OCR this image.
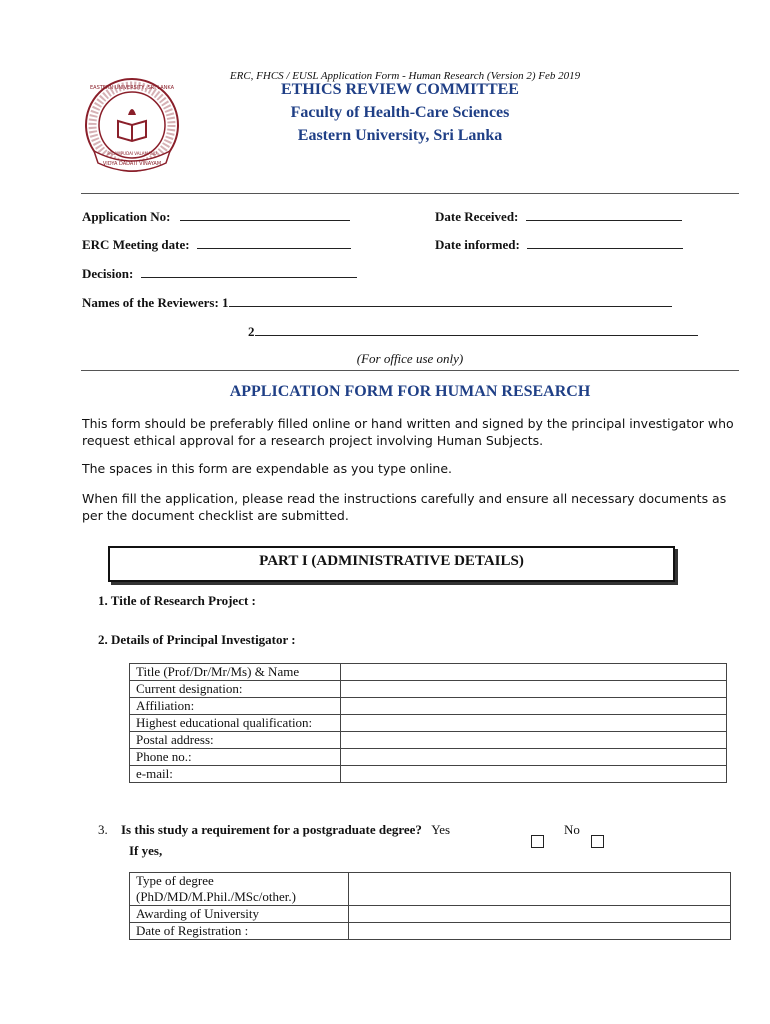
ERC, FHCS / EUSL Application Form - Human Research (Version 2) Feb 2019
VIDYA DADATI VINAYAM
EASTERN UNIVERSITY, SRI LANKA
PALAMPUDAI VALAMANU
ETHICS REVIEW COMMITTEE
Faculty of Health-Care Sciences
Eastern University, Sri Lanka
Application No:	Date Received:
ERC Meeting date:	Date informed:
Decision:
Names of the Reviewers: 1
2
(For office use only)
APPLICATION FORM FOR HUMAN RESEARCH
This form should be preferably filled online or hand written and signed by the principal investigator who request ethical approval for a research project involving Human Subjects.
The spaces in this form are expendable as you type online.
When fill the application, please read the instructions carefully and ensure all necessary documents as per the document checklist are submitted.
PART I (ADMINISTRATIVE DETAILS)
1. Title of Research Project :
2. Details of Principal Investigator :
Title (Prof/Dr/Mr/Ms) & Name	
Current designation:	
Affiliation:	
Highest educational qualification:	
Postal address:	
Phone no.:	
e-mail:	
3. Is this study a requirement for a postgraduate degree? Yes	No
If yes,
Type of degree (PhD/MD/M.Phil./MSc/other.)	
Awarding of University	
Date of Registration :	
